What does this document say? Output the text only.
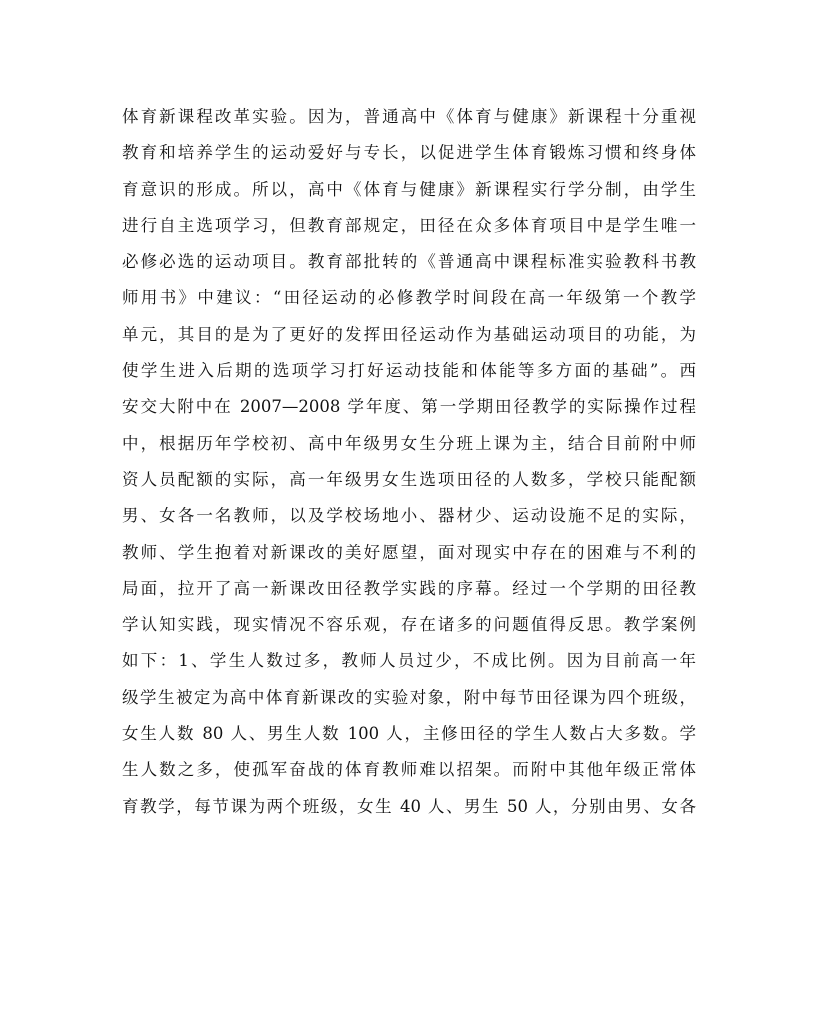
体育新课程改革实验。因为，普通高中《体育与健康》新课程十分重视
教育和培养学生的运动爱好与专长，以促进学生体育锻炼习惯和终身体
育意识的形成。所以，高中《体育与健康》新课程实行学分制，由学生
进行自主选项学习，但教育部规定，田径在众多体育项目中是学生唯一
必修必选的运动项目。教育部批转的《普通高中课程标准实验教科书教
师用书》中建议：“田径运动的必修教学时间段在高一年级第一个教学
单元，其目的是为了更好的发挥田径运动作为基础运动项目的功能，为
使学生进入后期的选项学习打好运动技能和体能等多方面的基础”。西
安交大附中在 2007—2008 学年度、第一学期田径教学的实际操作过程
中，根据历年学校初、高中年级男女生分班上课为主，结合目前附中师
资人员配额的实际，高一年级男女生选项田径的人数多，学校只能配额
男、女各一名教师，以及学校场地小、器材少、运动设施不足的实际，
教师、学生抱着对新课改的美好愿望，面对现实中存在的困难与不利的
局面，拉开了高一新课改田径教学实践的序幕。经过一个学期的田径教
学认知实践，现实情况不容乐观，存在诸多的问题值得反思。教学案例
如下：1、学生人数过多，教师人员过少，不成比例。因为目前高一年
级学生被定为高中体育新课改的实验对象，附中每节田径课为四个班级，
女生人数 80 人、男生人数 100 人，主修田径的学生人数占大多数。学
生人数之多，使孤军奋战的体育教师难以招架。而附中其他年级正常体
育教学，每节课为两个班级，女生 40 人、男生 50 人，分别由男、女各
